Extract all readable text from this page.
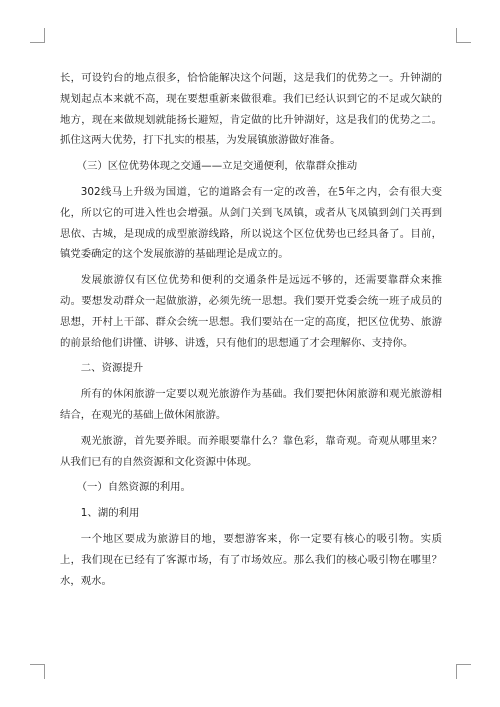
长，可设钓台的地点很多，恰恰能解决这个问题，这是我们的优势之一。升钟湖的规划起点本来就不高，现在要想重新来做很难。我们已经认识到它的不足或欠缺的地方，现在来做规划就能扬长避短，肯定做的比升钟湖好，这是我们的优势之二。抓住这两大优势，打下扎实的根基，为发展镇旅游做好准备。

（三）区位优势体现之交通——立足交通便利，依靠群众推动

302线马上升级为国道，它的道路会有一定的改善，在5年之内，会有很大变化，所以它的可进入性也会增强。从剑门关到飞凤镇，或者从飞凤镇到剑门关再到思依、古城，是现成的成型旅游线路，所以说这个区位优势也已经具备了。目前，镇党委确定的这个发展旅游的基础理论是成立的。

发展旅游仅有区位优势和便利的交通条件是远远不够的，还需要靠群众来推动。要想发动群众一起做旅游，必须先统一思想。我们要开党委会统一班子成员的思想，开村上干部、群众会统一思想。我们要站在一定的高度，把区位优势、旅游的前景给他们讲懂、讲够、讲透，只有他们的思想通了才会理解你、支持你。

二、资源提升

所有的休闲旅游一定要以观光旅游作为基础。我们要把休闲旅游和观光旅游相结合，在观光的基础上做休闲旅游。

观光旅游，首先要养眼。而养眼要靠什么？靠色彩，靠奇观。奇观从哪里来？从我们已有的自然资源和文化资源中体现。

（一）自然资源的利用。

1、湖的利用

一个地区要成为旅游目的地，要想游客来，你一定要有核心的吸引物。实质上，我们现在已经有了客源市场，有了市场效应。那么我们的核心吸引物在哪里？水，观水。
